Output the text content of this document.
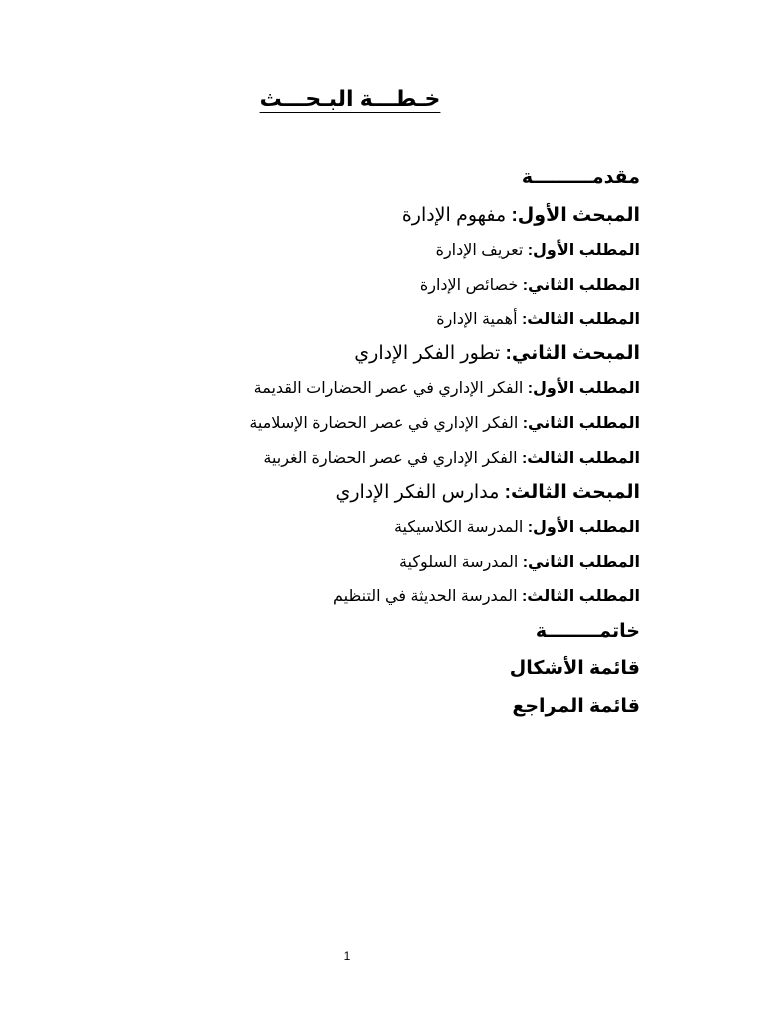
خـطـــة البـحـــث
مقدمـــــــــة
المبحث الأول: مفهوم الإدارة
المطلب الأول: تعريف الإدارة
المطلب الثاني: خصائص الإدارة
المطلب الثالث: أهمية الإدارة
المبحث الثاني: تطور الفكر الإداري
المطلب الأول: الفكر الإداري في عصر الحضارات القديمة
المطلب الثاني: الفكر الإداري في عصر الحضارة الإسلامية
المطلب الثالث: الفكر الإداري في عصر الحضارة الغربية
المبحث الثالث: مدارس الفكر الإداري
المطلب الأول: المدرسة الكلاسيكية
المطلب الثاني: المدرسة السلوكية
المطلب الثالث: المدرسة الحديثة في التنظيم
خاتمــــــــة
قائمة الأشكال
قائمة المراجع
1
